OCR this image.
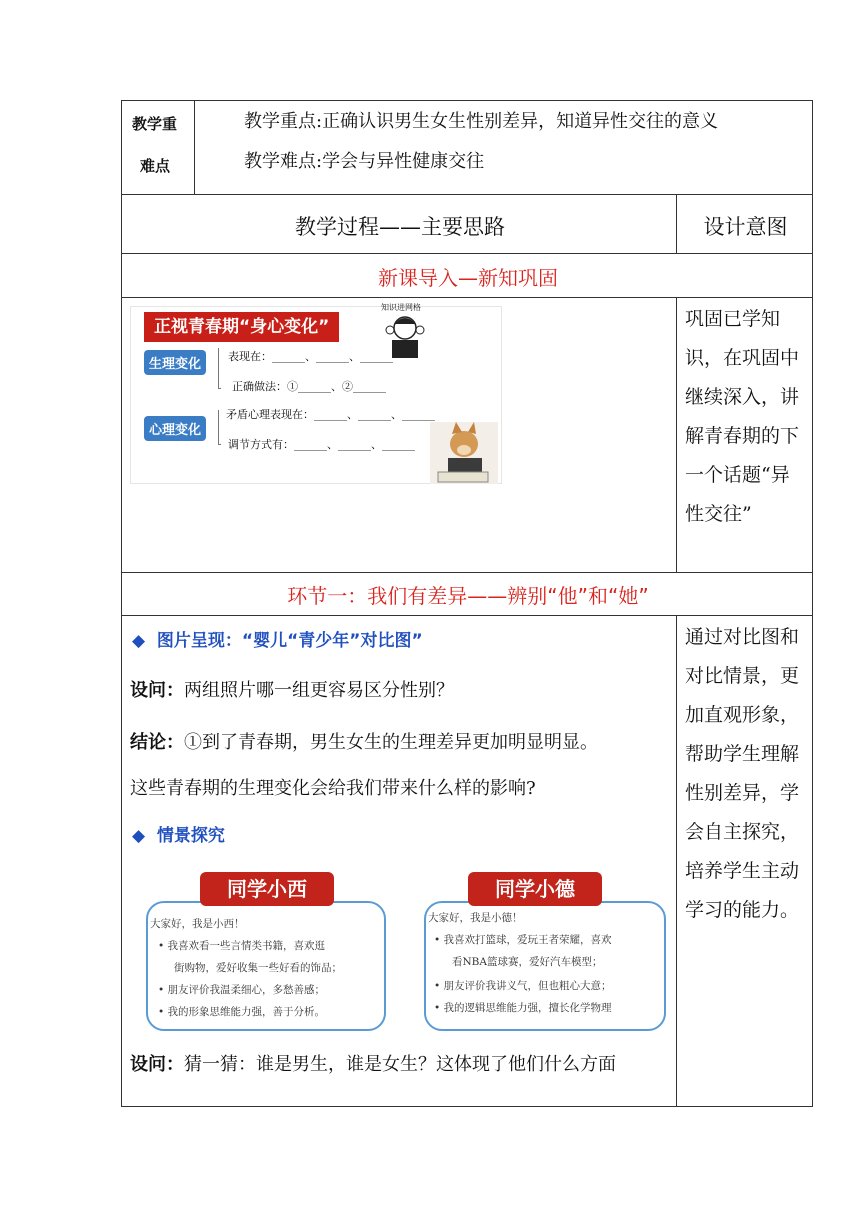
教学重
难点
教学重点:正确认识男生女生性别差异，知道异性交往的意义
教学难点:学会与异性健康交往
教学过程——主要思路	设计意图
新课导入—新知巩固
正视青春期“身心变化”
知识进网格
生理变化
表现在：______、______、______
正确做法：①______、②______
心理变化
矛盾心理表现在：______、______、______
调节方式有：______、______、______
巩固已学知
识，在巩固中
继续深入，讲
解青春期的下
一个话题“异
性交往”
环节一：我们有差异——辨别“他”和“她”
◆ 图片呈现：“婴儿“青少年”对比图”
设问：两组照片哪一组更容易区分性别？
结论：①到了青春期，男生女生的生理差异更加明显明显。
这些青春期的生理变化会给我们带来什么样的影响?
◆ 情景探究
同学小西
大家好，我是小西！
• 我喜欢看一些言情类书籍，喜欢逛
街购物，爱好收集一些好看的饰品；
• 朋友评价我温柔细心，多愁善感；
• 我的形象思维能力强，善于分析。
同学小德
大家好，我是小德！
• 我喜欢打篮球，爱玩王者荣耀，喜欢
看NBA篮球赛，爱好汽车模型；
• 朋友评价我讲义气，但也粗心大意；
• 我的逻辑思维能力强，擅长化学物理
设问：猜一猜：谁是男生，谁是女生？这体现了他们什么方面
通过对比图和
对比情景，更
加直观形象，
帮助学生理解
性别差异，学
会自主探究，
培养学生主动
学习的能力。
